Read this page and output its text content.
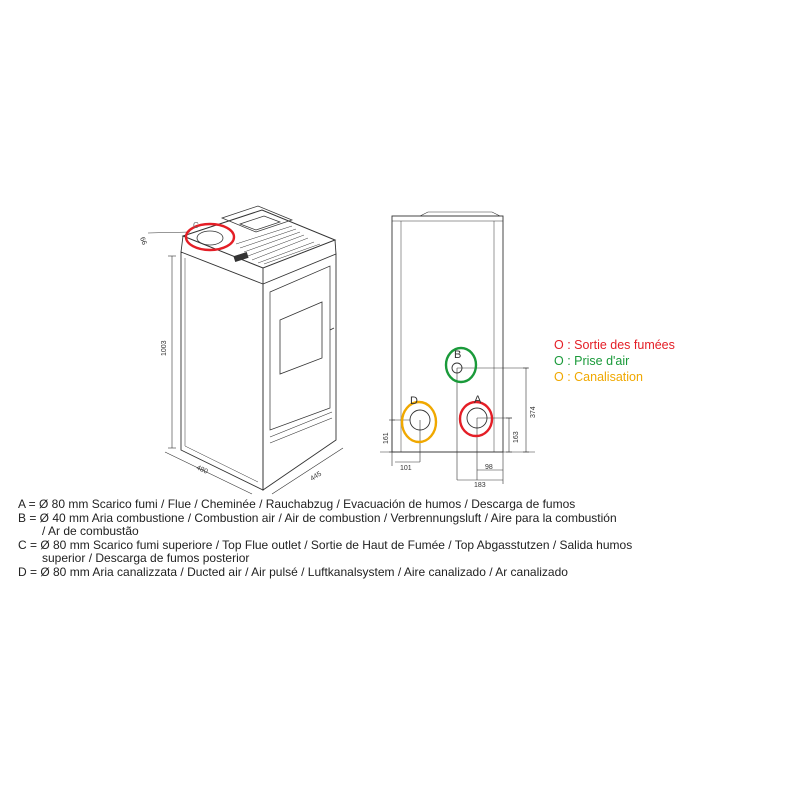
A
B
C
D
66
1003
480
445
161	163
374
101	98
183
O : Sortie des fumées
O : Prise d'air
O : Canalisation

A = Ø 80 mm Scarico fumi / Flue / Cheminée / Rauchabzug / Evacuación de humos / Descarga de fumos

B = Ø 40 mm Aria combustione / Combustion air / Air de combustion / Verbrennungsluft / Aire para la combustión

/ Ar de combustão

C = Ø 80 mm Scarico fumi superiore / Top Flue outlet / Sortie de Haut de Fumée / Top Abgasstutzen / Salida humos

superior / Descarga de fumos posterior

D = Ø 80 mm Aria canalizzata / Ducted air / Air pulsé / Luftkanalsystem / Aire canalizado / Ar canalizado
